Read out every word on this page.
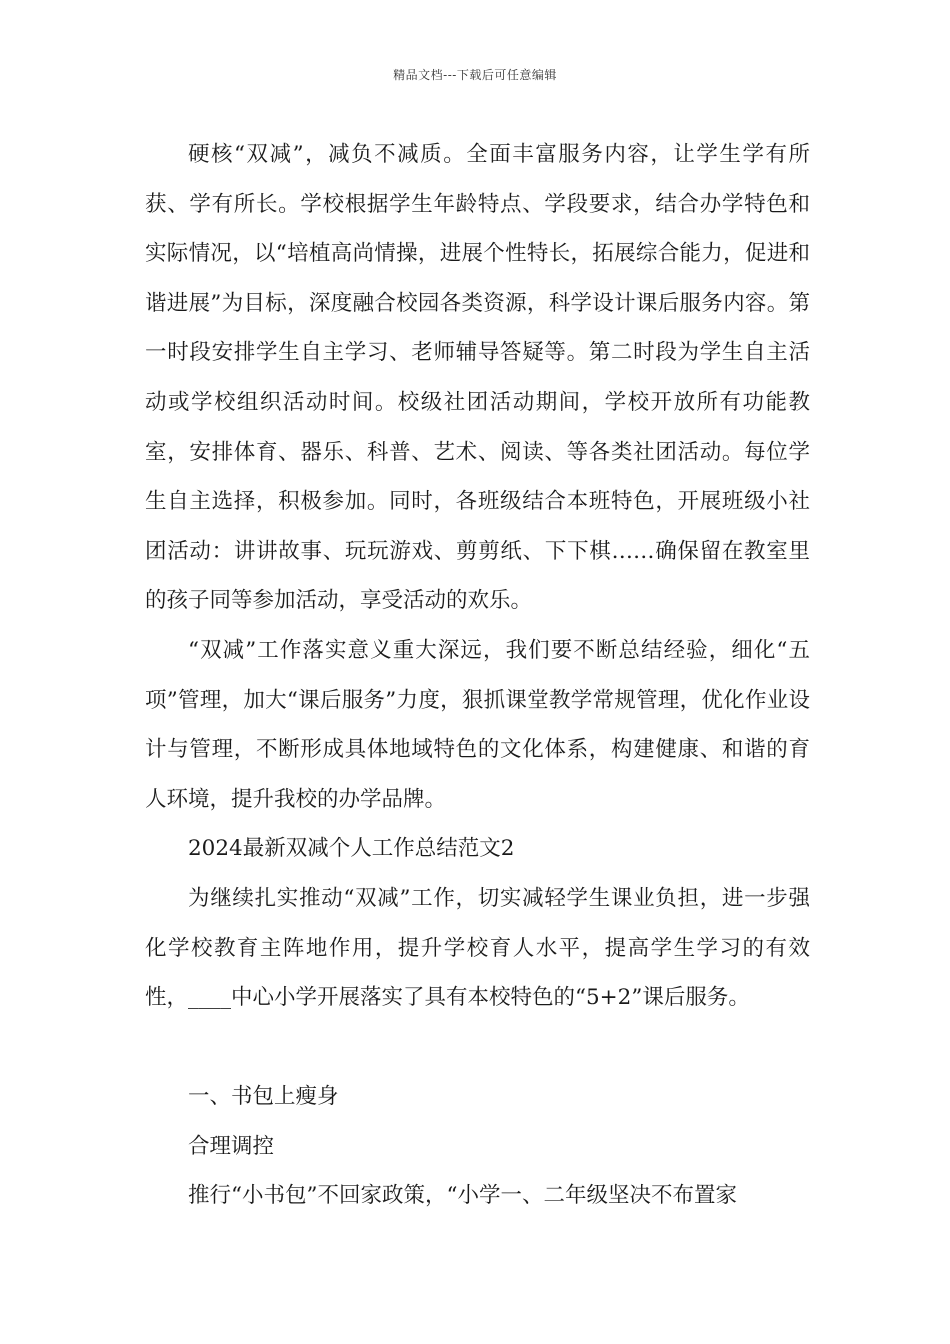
精品文档---下载后可任意编辑

硬核“双减”，减负不减质。全面丰富服务内容，让学生学有所获、学有所长。学校根据学生年龄特点、学段要求，结合办学特色和实际情况，以“培植高尚情操，进展个性特长，拓展综合能力，促进和谐进展”为目标，深度融合校园各类资源，科学设计课后服务内容。第一时段安排学生自主学习、老师辅导答疑等。第二时段为学生自主活动或学校组织活动时间。校级社团活动期间，学校开放所有功能教室，安排体育、器乐、科普、艺术、阅读、等各类社团活动。每位学生自主选择，积极参加。同时，各班级结合本班特色，开展班级小社团活动：讲讲故事、玩玩游戏、剪剪纸、下下棋……确保留在教室里的孩子同等参加活动，享受活动的欢乐。

“双减”工作落实意义重大深远，我们要不断总结经验，细化“五项”管理，加大“课后服务”力度，狠抓课堂教学常规管理，优化作业设计与管理，不断形成具体地域特色的文化体系，构建健康、和谐的育人环境，提升我校的办学品牌。

2024最新双减个人工作总结范文2

为继续扎实推动“双减”工作，切实减轻学生课业负担，进一步强化学校教育主阵地作用，提升学校育人水平，提高学生学习的有效性，____中心小学开展落实了具有本校特色的“5+2”课后服务。

一、书包上瘦身

合理调控

推行“小书包”不回家政策，“小学一、二年级坚决不布置家
